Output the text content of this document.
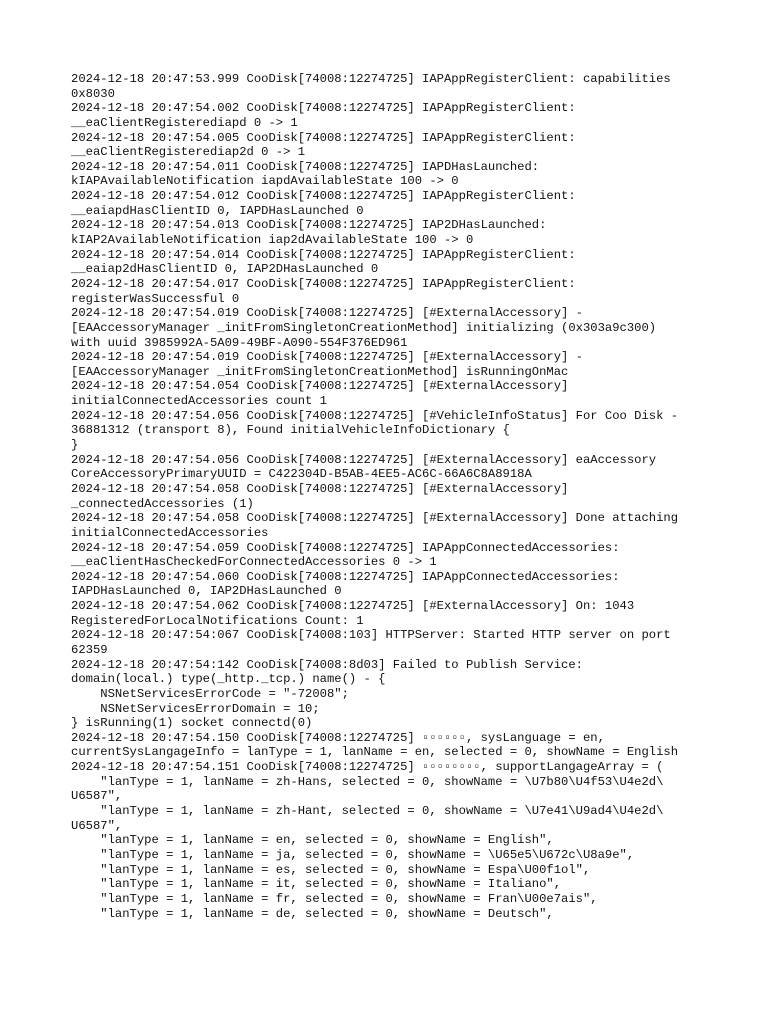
2024-12-18 20:47:53.999 CooDisk[74008:12274725] IAPAppRegisterClient: capabilities
0x8030
2024-12-18 20:47:54.002 CooDisk[74008:12274725] IAPAppRegisterClient:
__eaClientRegisterediapd 0 -> 1
2024-12-18 20:47:54.005 CooDisk[74008:12274725] IAPAppRegisterClient:
__eaClientRegisterediap2d 0 -> 1
2024-12-18 20:47:54.011 CooDisk[74008:12274725] IAPDHasLaunched:
kIAPAvailableNotification iapdAvailableState 100 -> 0
2024-12-18 20:47:54.012 CooDisk[74008:12274725] IAPAppRegisterClient:
__eaiapdHasClientID 0, IAPDHasLaunched 0
2024-12-18 20:47:54.013 CooDisk[74008:12274725] IAP2DHasLaunched:
kIAP2AvailableNotification iap2dAvailableState 100 -> 0
2024-12-18 20:47:54.014 CooDisk[74008:12274725] IAPAppRegisterClient:
__eaiap2dHasClientID 0, IAP2DHasLaunched 0
2024-12-18 20:47:54.017 CooDisk[74008:12274725] IAPAppRegisterClient:
registerWasSuccessful 0
2024-12-18 20:47:54.019 CooDisk[74008:12274725] [#ExternalAccessory] -
[EAAccessoryManager _initFromSingletonCreationMethod] initializing (0x303a9c300)
with uuid 3985992A-5A09-49BF-A090-554F376ED961
2024-12-18 20:47:54.019 CooDisk[74008:12274725] [#ExternalAccessory] -
[EAAccessoryManager _initFromSingletonCreationMethod] isRunningOnMac
2024-12-18 20:47:54.054 CooDisk[74008:12274725] [#ExternalAccessory]
initialConnectedAccessories count 1
2024-12-18 20:47:54.056 CooDisk[74008:12274725] [#VehicleInfoStatus] For Coo Disk -
36881312 (transport 8), Found initialVehicleInfoDictionary {
}
2024-12-18 20:47:54.056 CooDisk[74008:12274725] [#ExternalAccessory] eaAccessory
CoreAccessoryPrimaryUUID = C422304D-B5AB-4EE5-AC6C-66A6C8A8918A
2024-12-18 20:47:54.058 CooDisk[74008:12274725] [#ExternalAccessory]
_connectedAccessories (1)
2024-12-18 20:47:54.058 CooDisk[74008:12274725] [#ExternalAccessory] Done attaching
initialConnectedAccessories
2024-12-18 20:47:54.059 CooDisk[74008:12274725] IAPAppConnectedAccessories:
__eaClientHasCheckedForConnectedAccessories 0 -> 1
2024-12-18 20:47:54.060 CooDisk[74008:12274725] IAPAppConnectedAccessories:
IAPDHasLaunched 0, IAP2DHasLaunched 0
2024-12-18 20:47:54.062 CooDisk[74008:12274725] [#ExternalAccessory] On: 1043
RegisteredForLocalNotifications Count: 1
2024-12-18 20:47:54:067 CooDisk[74008:103] HTTPServer: Started HTTP server on port
62359
2024-12-18 20:47:54:142 CooDisk[74008:8d03] Failed to Publish Service:
domain(local.) type(_http._tcp.) name() - {
NSNetServicesErrorCode = "-72008";
NSNetServicesErrorDomain = 10;
} isRunning(1) socket connectd(0)
2024-12-18 20:47:54.150 CooDisk[74008:12274725] ▫▫▫▫▫▫, sysLanguage = en,
currentSysLangageInfo = lanType = 1, lanName = en, selected = 0, showName = English
2024-12-18 20:47:54.151 CooDisk[74008:12274725] ▫▫▫▫▫▫▫▫, supportLangageArray = (
"lanType = 1, lanName = zh-Hans, selected = 0, showName = \U7b80\U4f53\U4e2d\
U6587",
"lanType = 1, lanName = zh-Hant, selected = 0, showName = \U7e41\U9ad4\U4e2d\
U6587",
"lanType = 1, lanName = en, selected = 0, showName = English",
"lanType = 1, lanName = ja, selected = 0, showName = \U65e5\U672c\U8a9e",
"lanType = 1, lanName = es, selected = 0, showName = Espa\U00f1ol",
"lanType = 1, lanName = it, selected = 0, showName = Italiano",
"lanType = 1, lanName = fr, selected = 0, showName = Fran\U00e7ais",
"lanType = 1, lanName = de, selected = 0, showName = Deutsch",
